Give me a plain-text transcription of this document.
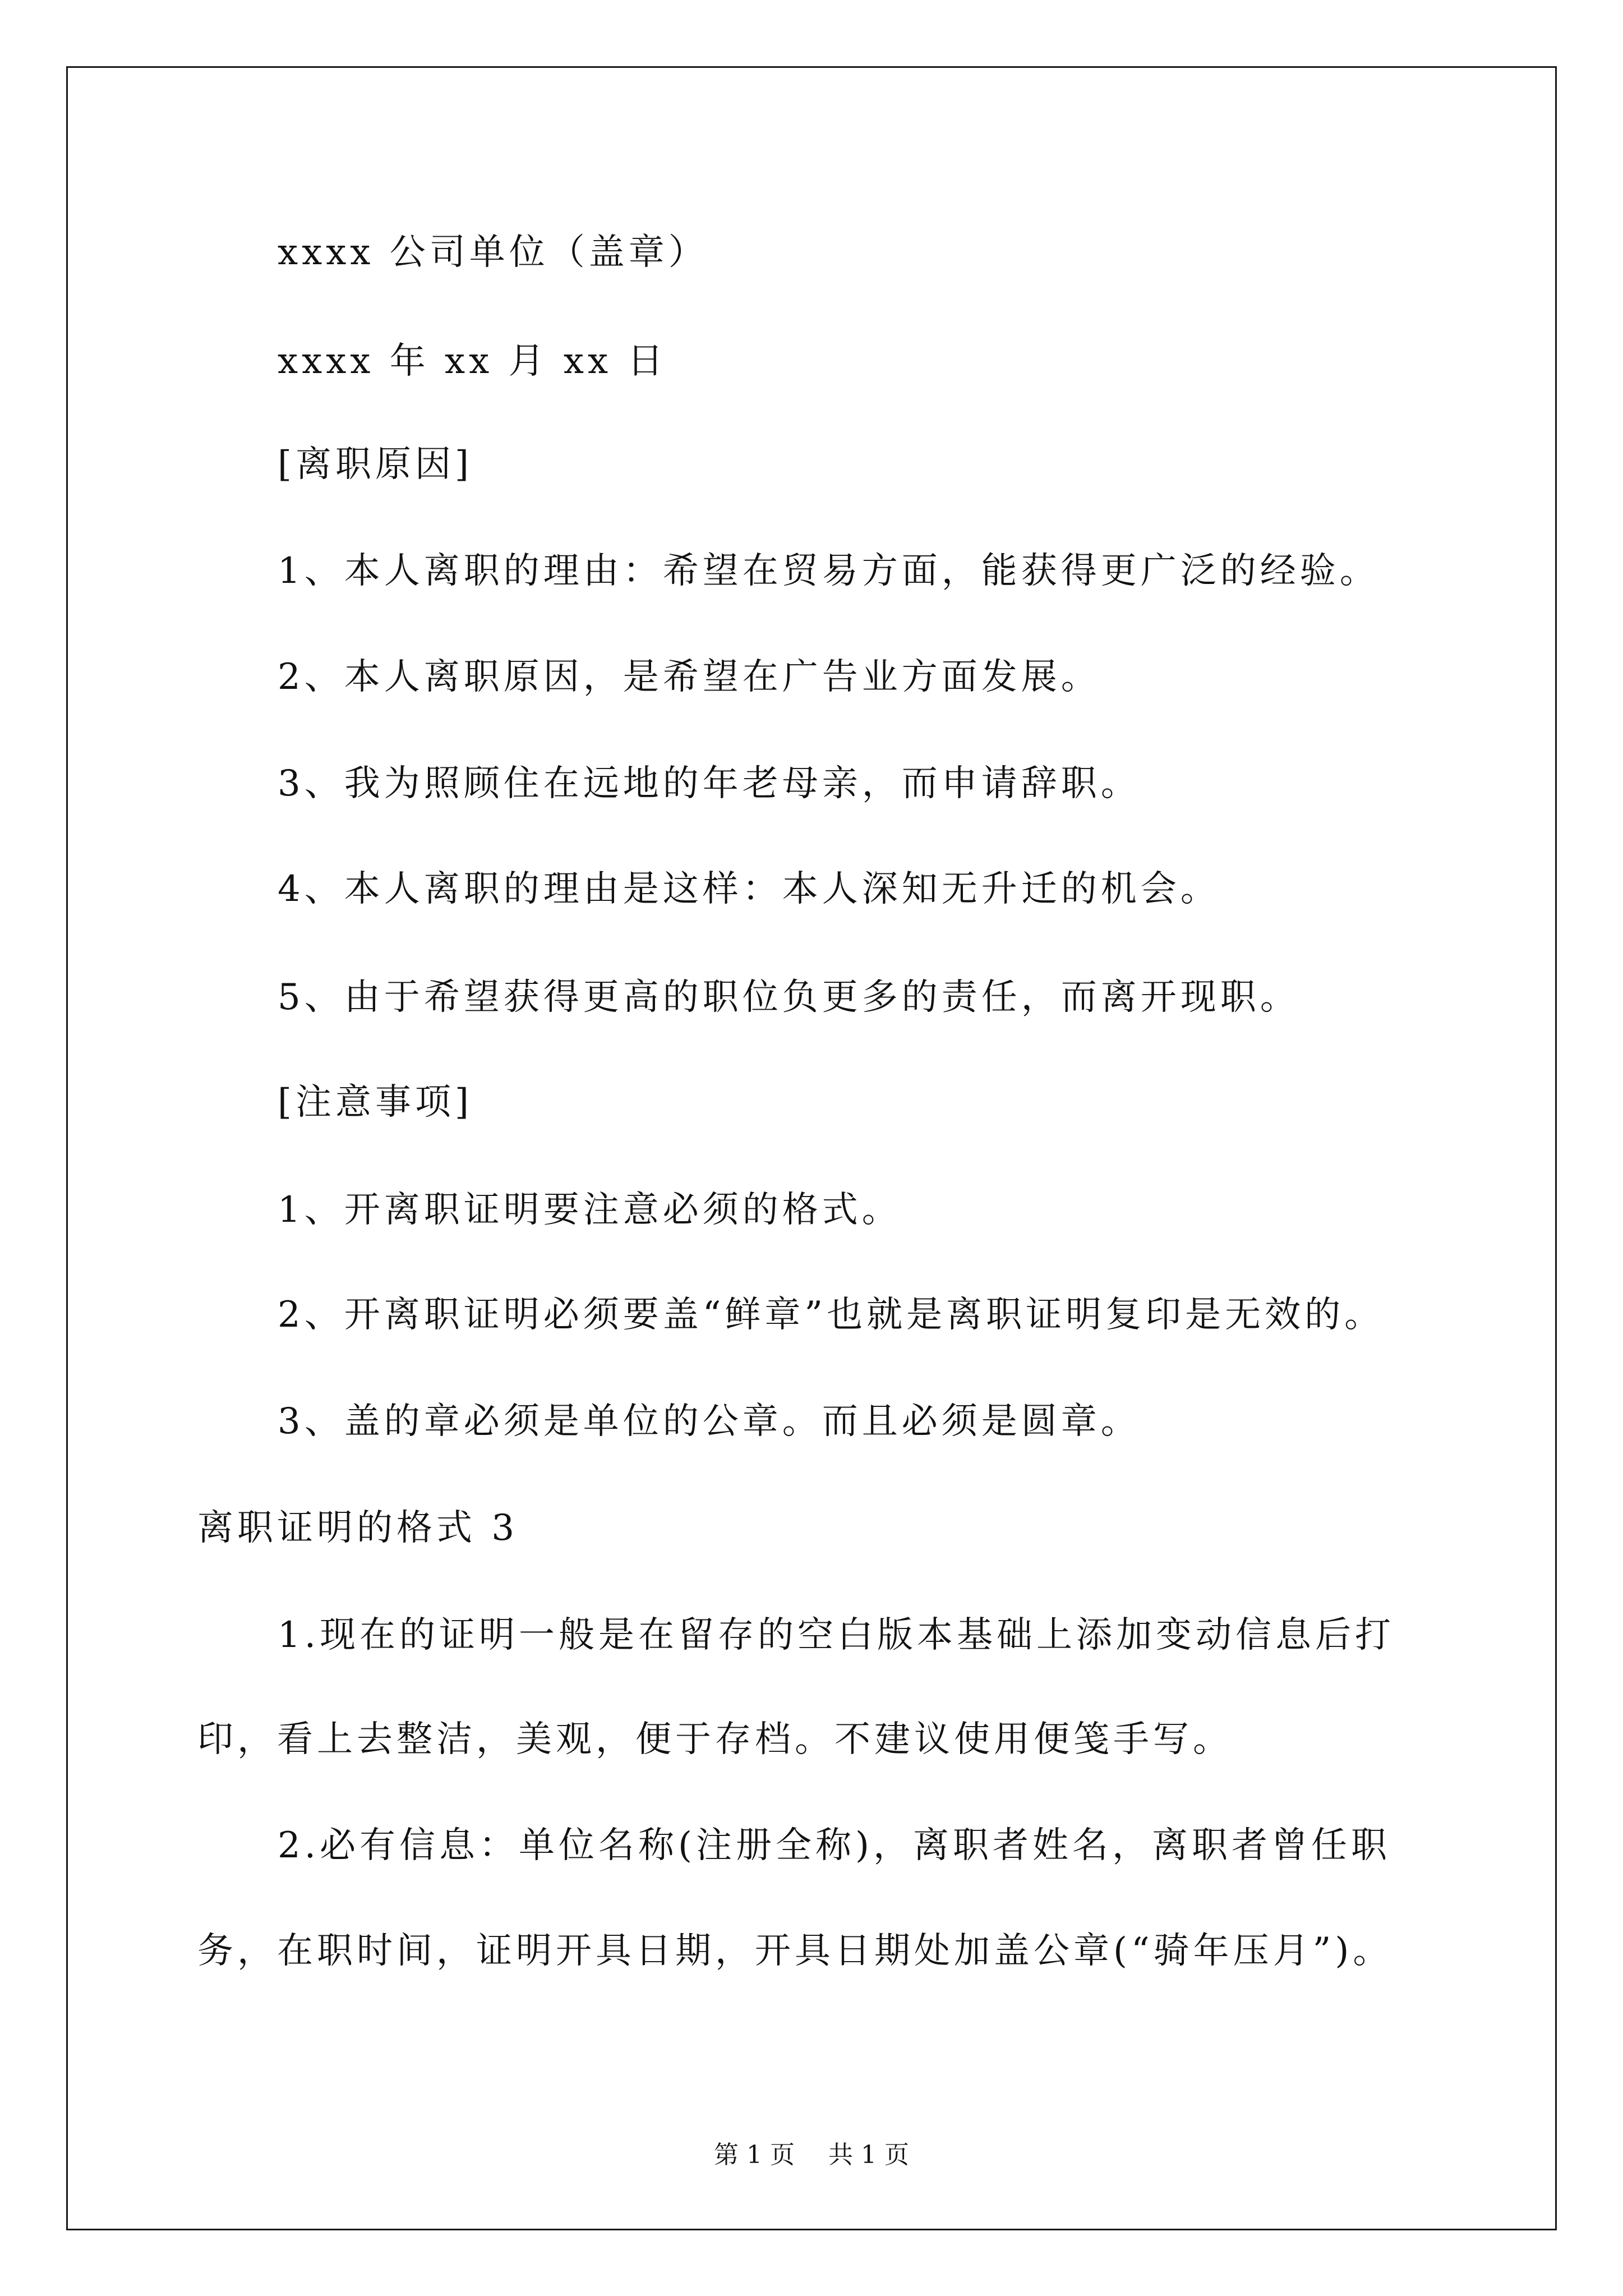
xxxx 公司单位（盖章）
xxxx 年 xx 月 xx 日
[离职原因]
1、本人离职的理由：希望在贸易方面，能获得更广泛的经验。
2、本人离职原因，是希望在广告业方面发展。
3、我为照顾住在远地的年老母亲，而申请辞职。
4、本人离职的理由是这样：本人深知无升迁的机会。
5、由于希望获得更高的职位负更多的责任，而离开现职。
[注意事项]
1、开离职证明要注意必须的格式。
2、开离职证明必须要盖“鲜章”也就是离职证明复印是无效的。
3、盖的章必须是单位的公章。而且必须是圆章。
离职证明的格式 3
1.现在的证明一般是在留存的空白版本基础上添加变动信息后打
印，看上去整洁，美观，便于存档。不建议使用便笺手写。
2.必有信息：单位名称(注册全称)，离职者姓名，离职者曾任职
务，在职时间，证明开具日期，开具日期处加盖公章(“骑年压月”)。
第 1 页 共 1 页
